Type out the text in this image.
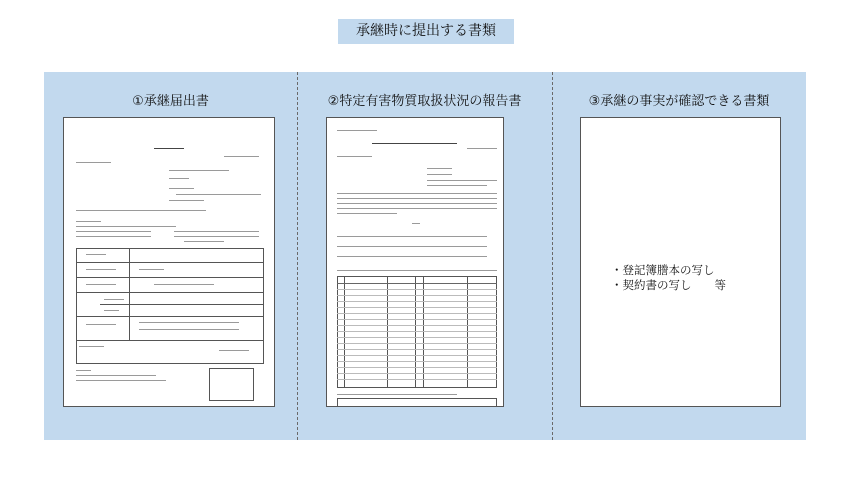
承継時に提出する書類
①承継届出書	②特定有害物質取扱状況の報告書	③承継の事実が確認できる書類
・登記簿謄本の写し
・契約書の写し　　等
